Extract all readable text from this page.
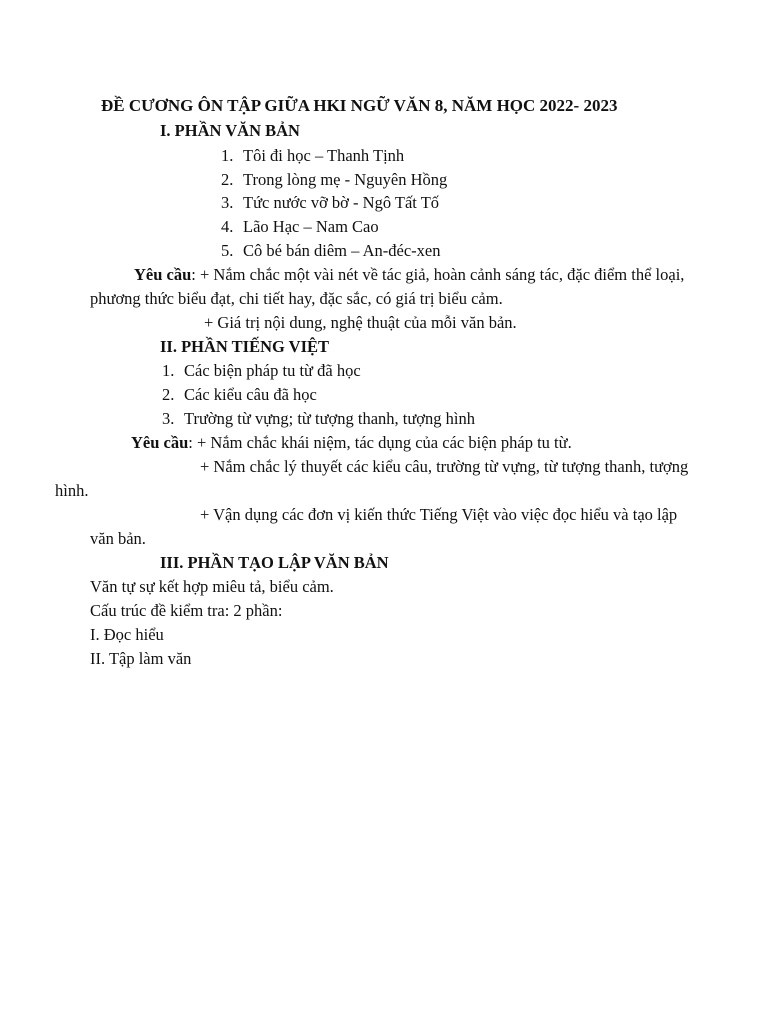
ĐỀ CƯƠNG ÔN TẬP GIỮA HKI NGỮ VĂN 8, NĂM HỌC 2022- 2023
I. PHẦN VĂN BẢN
1. Tôi đi học – Thanh Tịnh
2. Trong lòng mẹ - Nguyên Hồng
3. Tức nước vỡ bờ - Ngô Tất Tố
4. Lão Hạc – Nam Cao
5. Cô bé bán diêm – An-đéc-xen
Yêu cầu: + Nắm chắc một vài nét về tác giả, hoàn cảnh sáng tác, đặc điểm thể loại,
phương thức biểu đạt, chi tiết hay, đặc sắc, có giá trị biểu cảm.
+ Giá trị nội dung, nghệ thuật của mỗi văn bản.
II. PHẦN TIẾNG VIỆT
1. Các biện pháp tu từ đã học
2. Các kiểu câu đã học
3. Trường từ vựng; từ tượng thanh, tượng hình
Yêu cầu: + Nắm chắc khái niệm, tác dụng của các biện pháp tu từ.
+ Nắm chắc lý thuyết các kiểu câu, trường từ vựng, từ tượng thanh, tượng
hình.
+ Vận dụng các đơn vị kiến thức Tiếng Việt vào việc đọc hiểu và tạo lập
văn bản.
III. PHẦN TẠO LẬP VĂN BẢN
Văn tự sự kết hợp miêu tả, biểu cảm.
Cấu trúc đề kiểm tra: 2 phần:
I. Đọc hiểu
II. Tập làm văn
